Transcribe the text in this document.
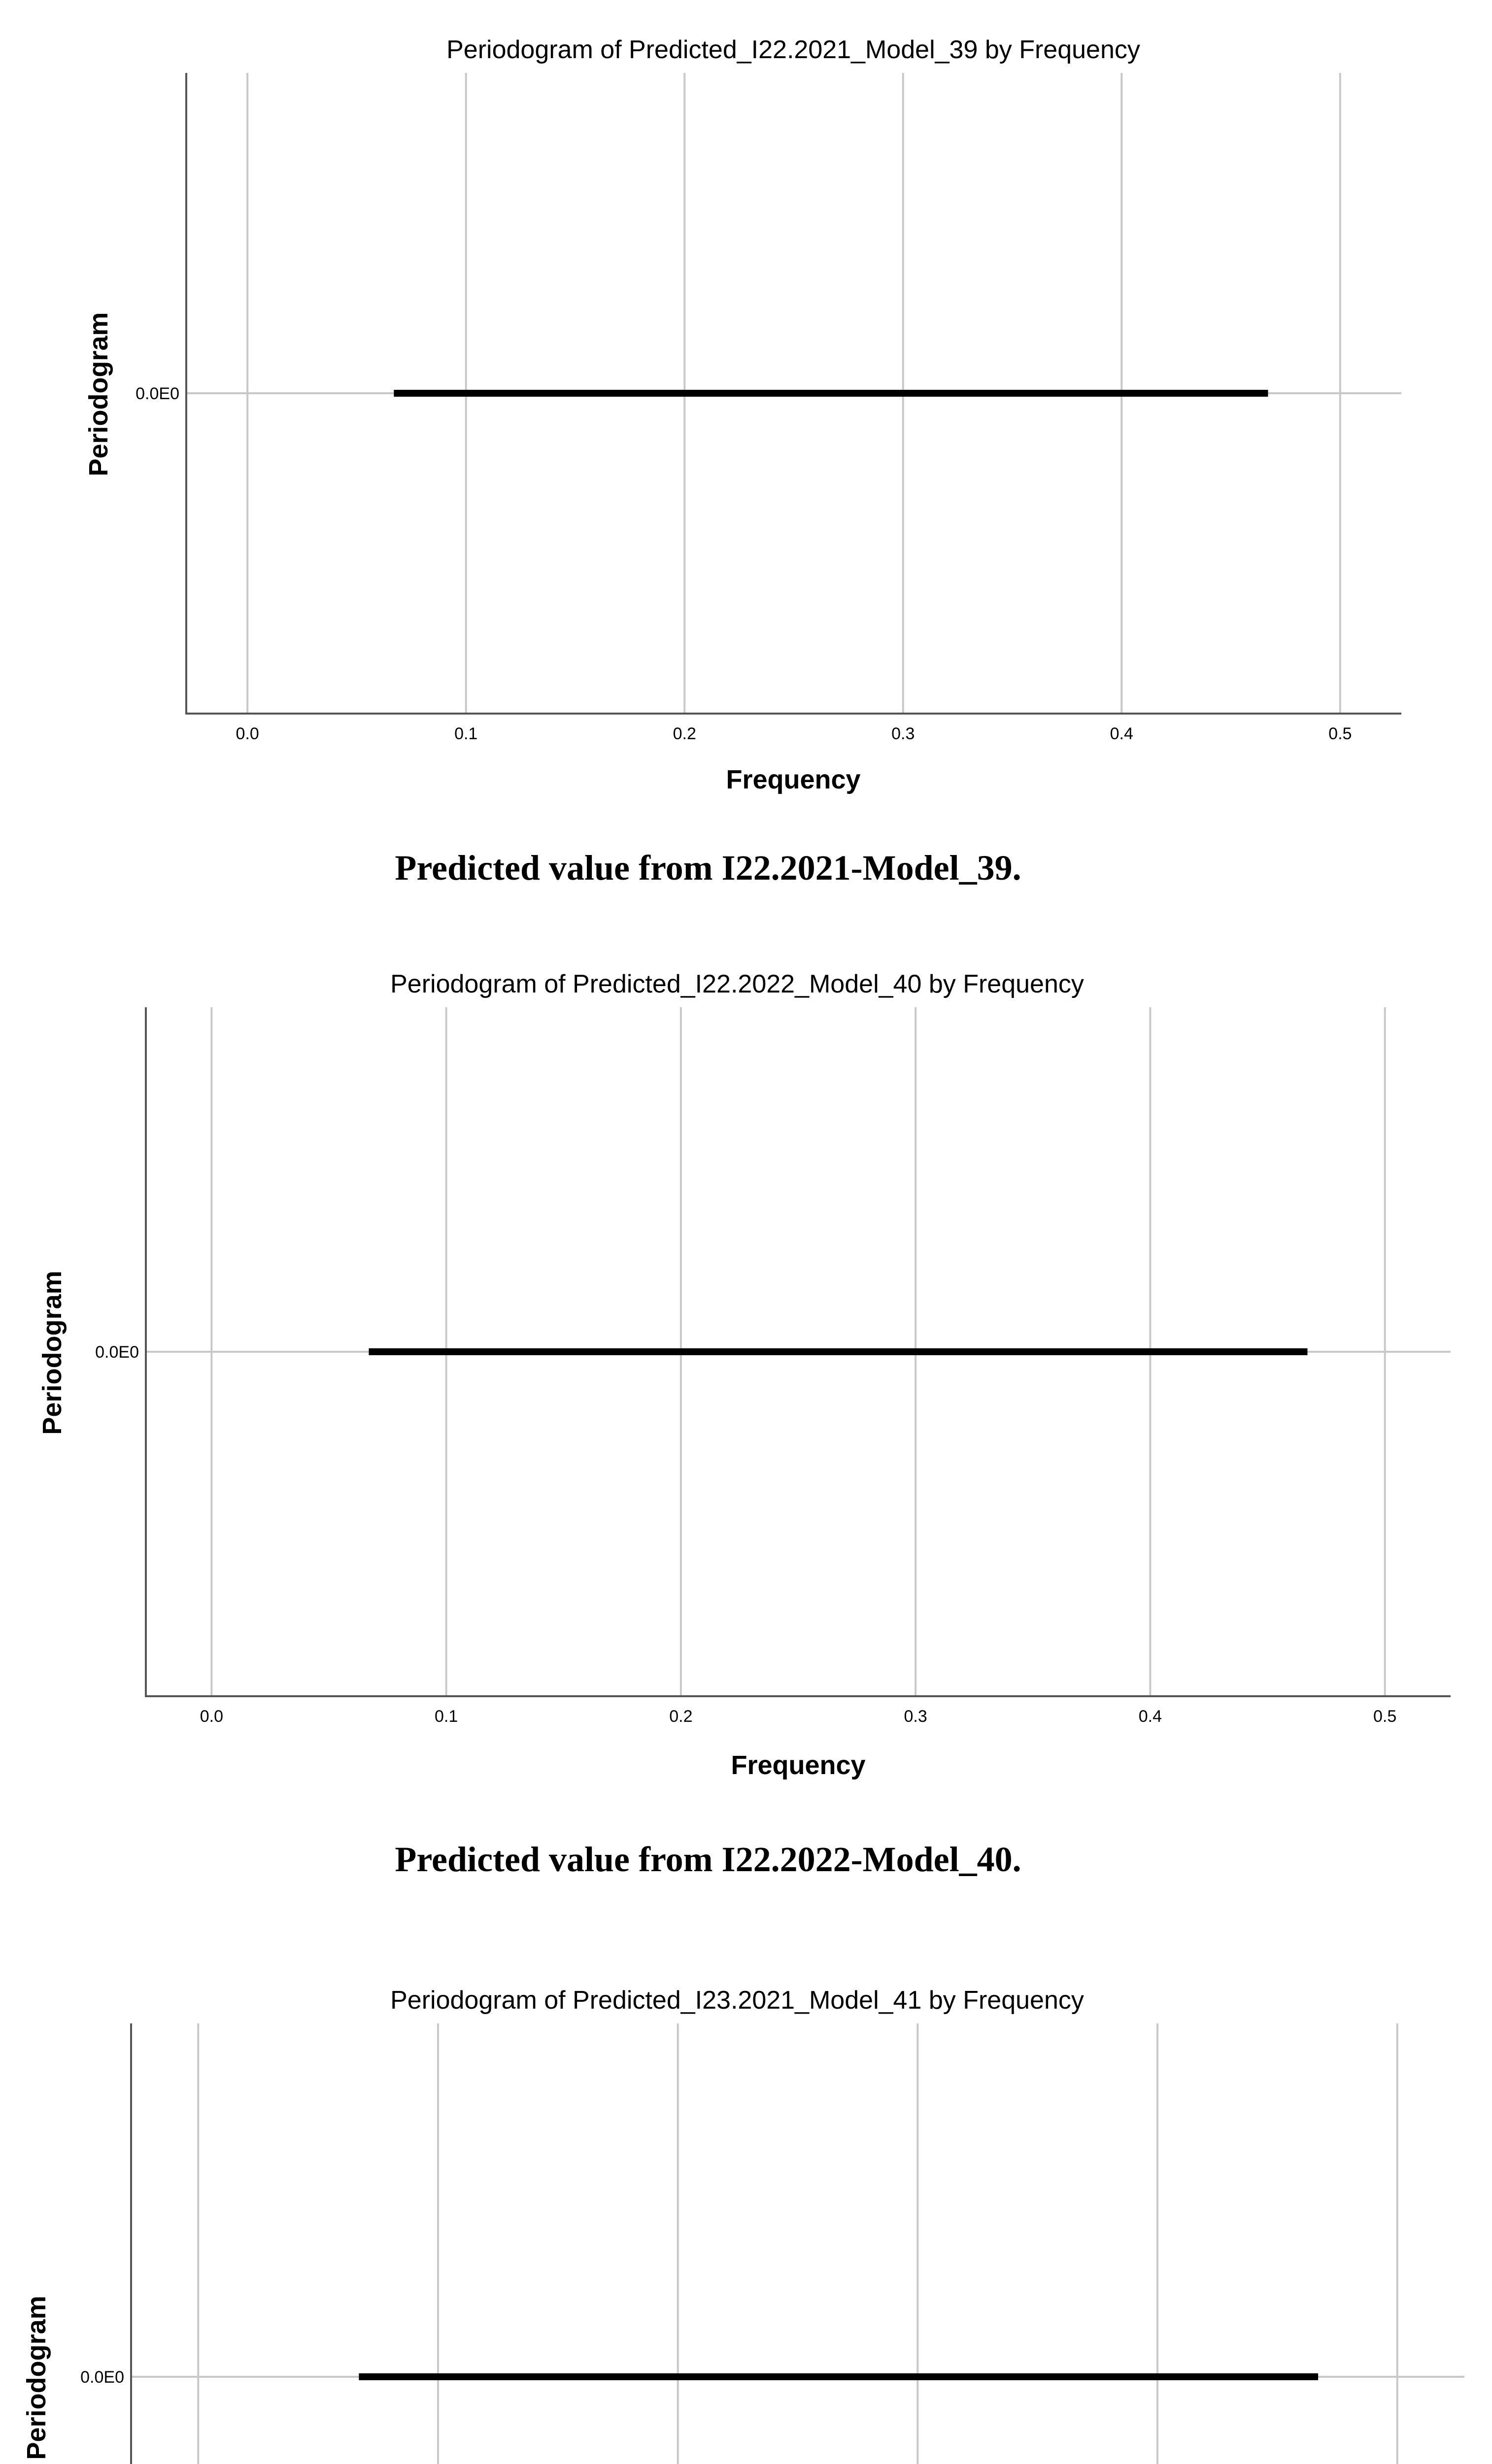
Periodogram of Predicted_I22.2021_Model_39 by Frequency
0.0	0.1	0.2	0.3	0.4	0.5
0.0E0
Frequency
Periodogram
Predicted value from I22.2021-Model_39.
Periodogram of Predicted_I22.2022_Model_40 by Frequency
0.0	0.1	0.2	0.3	0.4	0.5
0.0E0
Frequency
Periodogram
Predicted value from I22.2022-Model_40.
Periodogram of Predicted_I23.2021_Model_41 by Frequency
0.0E0
Periodogram
